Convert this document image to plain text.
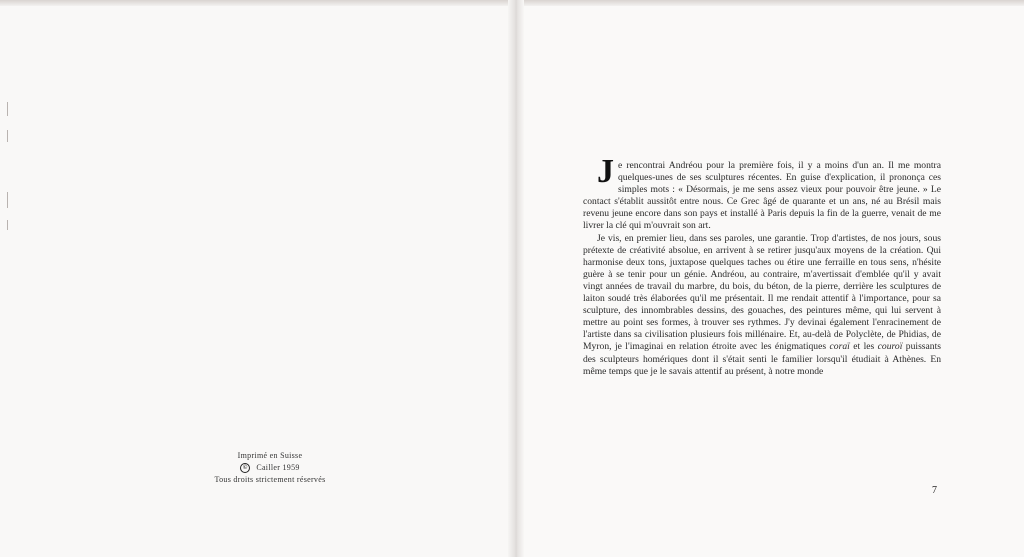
Imprimé en Suisse
©	Cailler 1959
Tous droits strictement réservés

Je rencontrai Andréou pour la première fois, il y a moins d'un an. Il me montra quelques-unes de ses sculptures récentes. En guise d'explication, il prononça ces simples mots : « Désormais, je me sens assez vieux pour pouvoir être jeune. » Le contact s'établit aussitôt entre nous. Ce Grec âgé de quarante et un ans, né au Brésil mais revenu jeune encore dans son pays et installé à Paris depuis la fin de la guerre, venait de me livrer la clé qui m'ouvrait son art.

Je vis, en premier lieu, dans ses paroles, une garantie. Trop d'artistes, de nos jours, sous prétexte de créativité absolue, en arrivent à se retirer jusqu'aux moyens de la création. Qui harmonise deux tons, juxtapose quelques taches ou étire une ferraille en tous sens, n'hésite guère à se tenir pour un génie. Andréou, au contraire, m'avertissait d'emblée qu'il y avait vingt années de travail du marbre, du bois, du béton, de la pierre, derrière les sculptures de laiton soudé très élaborées qu'il me présentait. Il me rendait attentif à l'importance, pour sa sculpture, des innombrables dessins, des gouaches, des peintures même, qui lui servent à mettre au point ses formes, à trouver ses rythmes. J'y devinai également l'enracinement de l'artiste dans sa civilisation plusieurs fois millénaire. Et, au-delà de Polyclète, de Phidias, de Myron, je l'imaginai en relation étroite avec les énigmatiques coraï et les couroï puissants des sculpteurs homériques dont il s'était senti le familier lorsqu'il étudiait à Athènes. En même temps que je le savais attentif au présent, à notre monde

7
